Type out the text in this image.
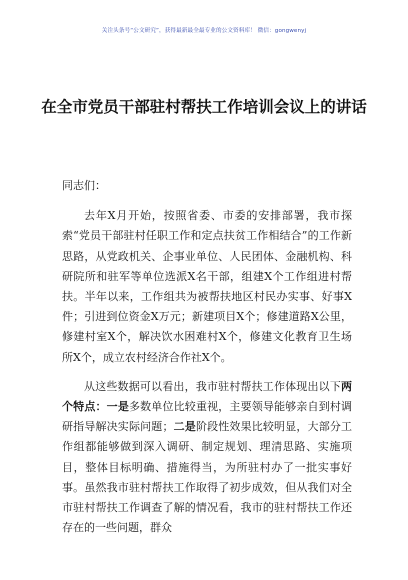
关注头条号“公文研究”，获得最新最全最专业的公文资料库！ 微信：gongwenyj
在全市党员干部驻村帮扶工作培训会议上的讲话

同志们：

去年X月开始，按照省委、市委的安排部署，我市探索“党员干部驻村任职工作和定点扶贫工作相结合”的工作新思路，从党政机关、企事业单位、人民团体、金融机构、科研院所和驻军等单位选派X名干部，组建X个工作组进村帮扶。半年以来，工作组共为被帮扶地区村民办实事、好事X件；引进到位资金X万元；新建项目X个；修建道路X公里，修建村室X个，解决饮水困难村X个，修建文化教育卫生场所X个，成立农村经济合作社X个。

从这些数据可以看出，我市驻村帮扶工作体现出以下两个特点：一是多数单位比较重视，主要领导能够亲自到村调研指导解决实际问题；二是阶段性效果比较明显，大部分工作组都能够做到深入调研、制定规划、理清思路、实施项目，整体目标明确、措施得当，为所驻村办了一批实事好事。虽然我市驻村帮扶工作取得了初步成效，但从我们对全市驻村帮扶工作调查了解的情况看，我市的驻村帮扶工作还存在的一些问题，群众
